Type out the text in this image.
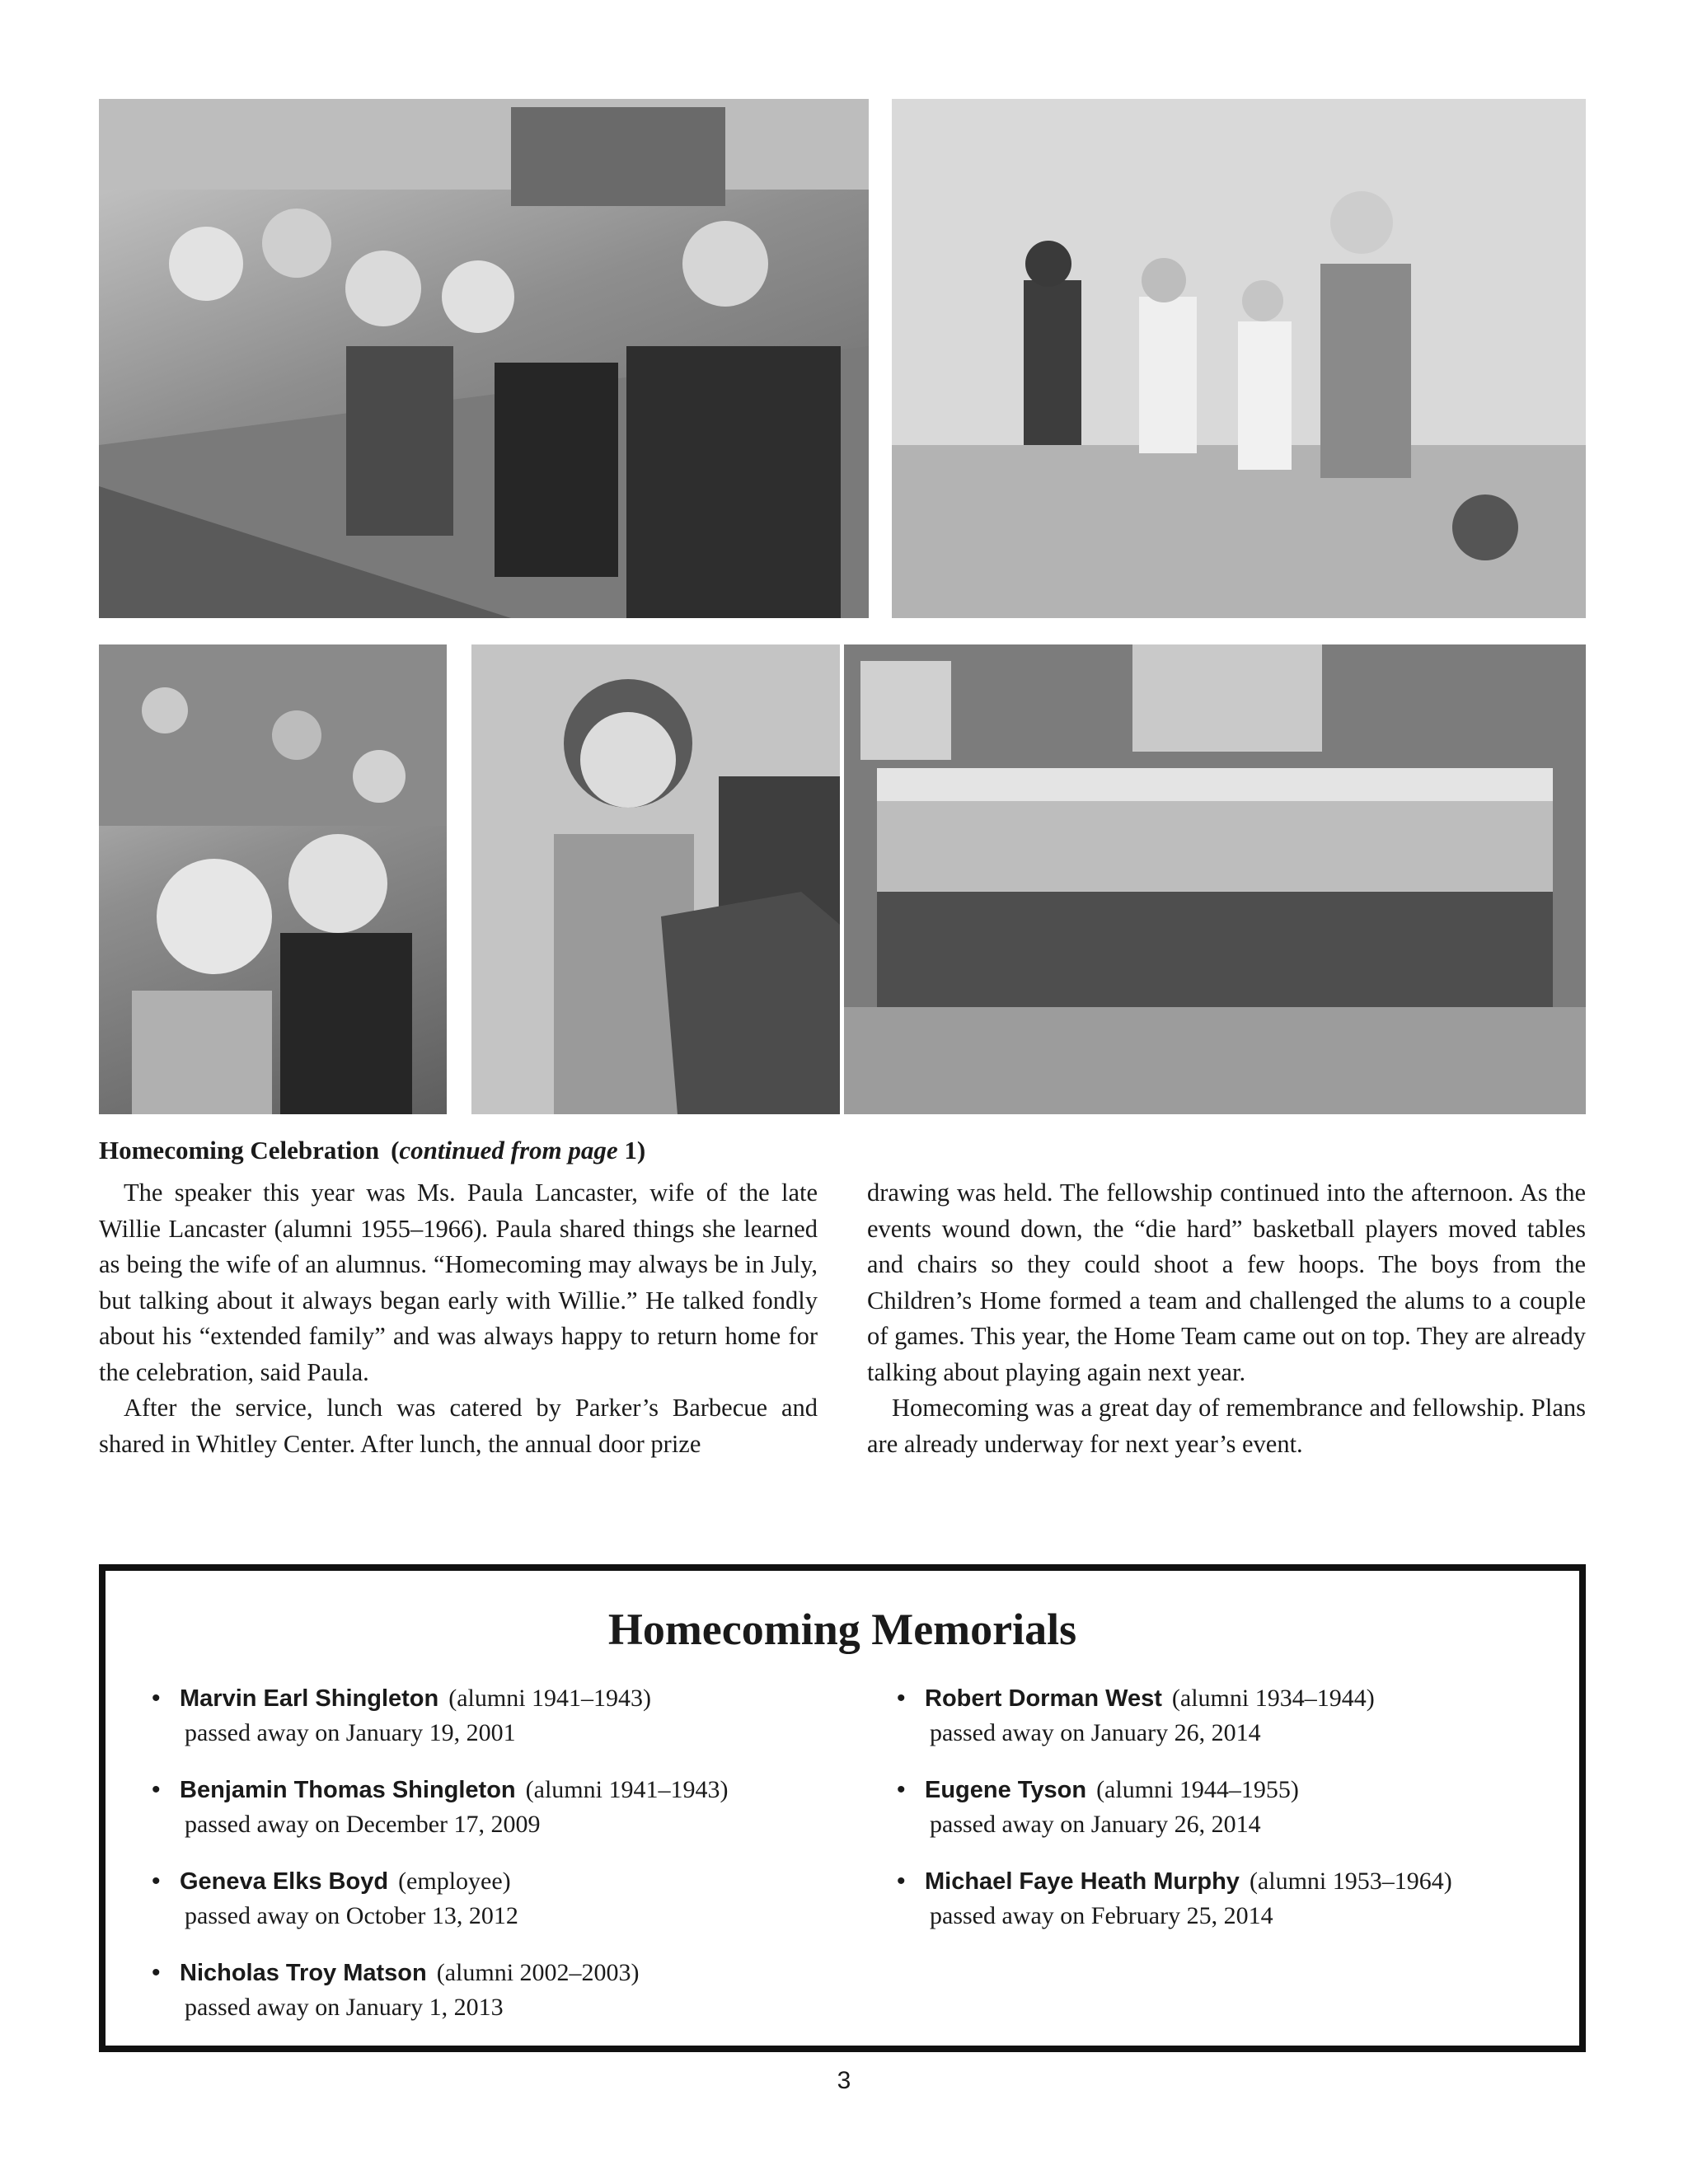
Homecoming Celebration (continued from page 1)

The speaker this year was Ms. Paula Lancaster, wife of the late Willie Lancaster (alumni 1955–1966). Paula shared things she learned as being the wife of an alumnus. “Homecoming may always be in July, but talking about it always began early with Willie.” He talked fondly about his “extended family” and was always happy to return home for the celebration, said Paula.

After the service, lunch was catered by Parker’s Barbecue and shared in Whitley Center. After lunch, the annual door prize

drawing was held. The fellowship continued into the afternoon. As the events wound down, the “die hard” basketball players moved tables and chairs so they could shoot a few hoops. The boys from the Children’s Home formed a team and challenged the alums to a couple of games. This year, the Home Team came out on top. They are already talking about playing again next year.

Homecoming was a great day of remembrance and fellowship. Plans are already underway for next year’s event.

Homecoming Memorials
• Marvin Earl Shingleton (alumni 1941–1943)
passed away on January 19, 2001
• Benjamin Thomas Shingleton (alumni 1941–1943)
passed away on December 17, 2009
• Geneva Elks Boyd (employee)
passed away on October 13, 2012
• Nicholas Troy Matson (alumni 2002–2003)
passed away on January 1, 2013
• Robert Dorman West (alumni 1934–1944)
passed away on January 26, 2014
• Eugene Tyson (alumni 1944–1955)
passed away on January 26, 2014
• Michael Faye Heath Murphy (alumni 1953–1964)
passed away on February 25, 2014
3
